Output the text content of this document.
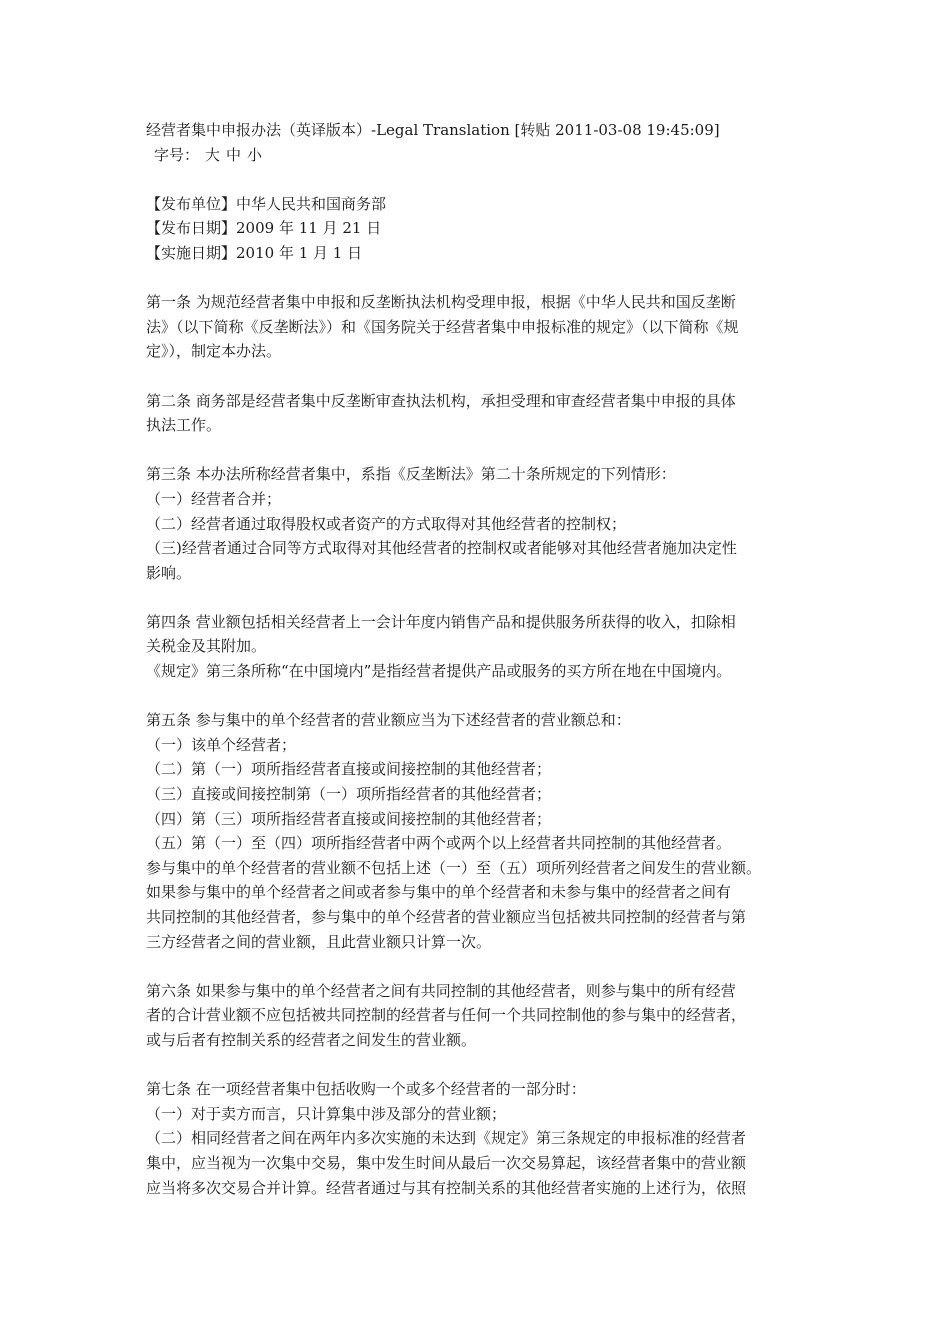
经营者集中申报办法（英译版本）-Legal Translation [转贴 2011-03-08 19:45:09]
字号： 大 中 小
【发布单位】中华人民共和国商务部
【发布日期】2009 年 11 月 21 日
【实施日期】2010 年 1 月 1 日
第一条 为规范经营者集中申报和反垄断执法机构受理申报，根据《中华人民共和国反垄断
法》（以下简称《反垄断法》）和《国务院关于经营者集中申报标准的规定》（以下简称《规
定》），制定本办法。
第二条 商务部是经营者集中反垄断审查执法机构，承担受理和审查经营者集中申报的具体
执法工作。
第三条 本办法所称经营者集中，系指《反垄断法》第二十条所规定的下列情形：
（一）经营者合并；
（二）经营者通过取得股权或者资产的方式取得对其他经营者的控制权；
（三)经营者通过合同等方式取得对其他经营者的控制权或者能够对其他经营者施加决定性
影响。
第四条 营业额包括相关经营者上一会计年度内销售产品和提供服务所获得的收入，扣除相
关税金及其附加。
《规定》第三条所称“在中国境内”是指经营者提供产品或服务的买方所在地在中国境内。
第五条 参与集中的单个经营者的营业额应当为下述经营者的营业额总和：
（一）该单个经营者；
（二）第（一）项所指经营者直接或间接控制的其他经营者；
（三）直接或间接控制第（一）项所指经营者的其他经营者；
（四）第（三）项所指经营者直接或间接控制的其他经营者；
（五）第（一）至（四）项所指经营者中两个或两个以上经营者共同控制的其他经营者。
参与集中的单个经营者的营业额不包括上述（一）至（五）项所列经营者之间发生的营业额。
如果参与集中的单个经营者之间或者参与集中的单个经营者和未参与集中的经营者之间有
共同控制的其他经营者，参与集中的单个经营者的营业额应当包括被共同控制的经营者与第
三方经营者之间的营业额，且此营业额只计算一次。
第六条 如果参与集中的单个经营者之间有共同控制的其他经营者，则参与集中的所有经营
者的合计营业额不应包括被共同控制的经营者与任何一个共同控制他的参与集中的经营者，
或与后者有控制关系的经营者之间发生的营业额。
第七条 在一项经营者集中包括收购一个或多个经营者的一部分时：
（一）对于卖方而言，只计算集中涉及部分的营业额；
（二）相同经营者之间在两年内多次实施的未达到《规定》第三条规定的申报标准的经营者
集中，应当视为一次集中交易，集中发生时间从最后一次交易算起，该经营者集中的营业额
应当将多次交易合并计算。经营者通过与其有控制关系的其他经营者实施的上述行为，依照
